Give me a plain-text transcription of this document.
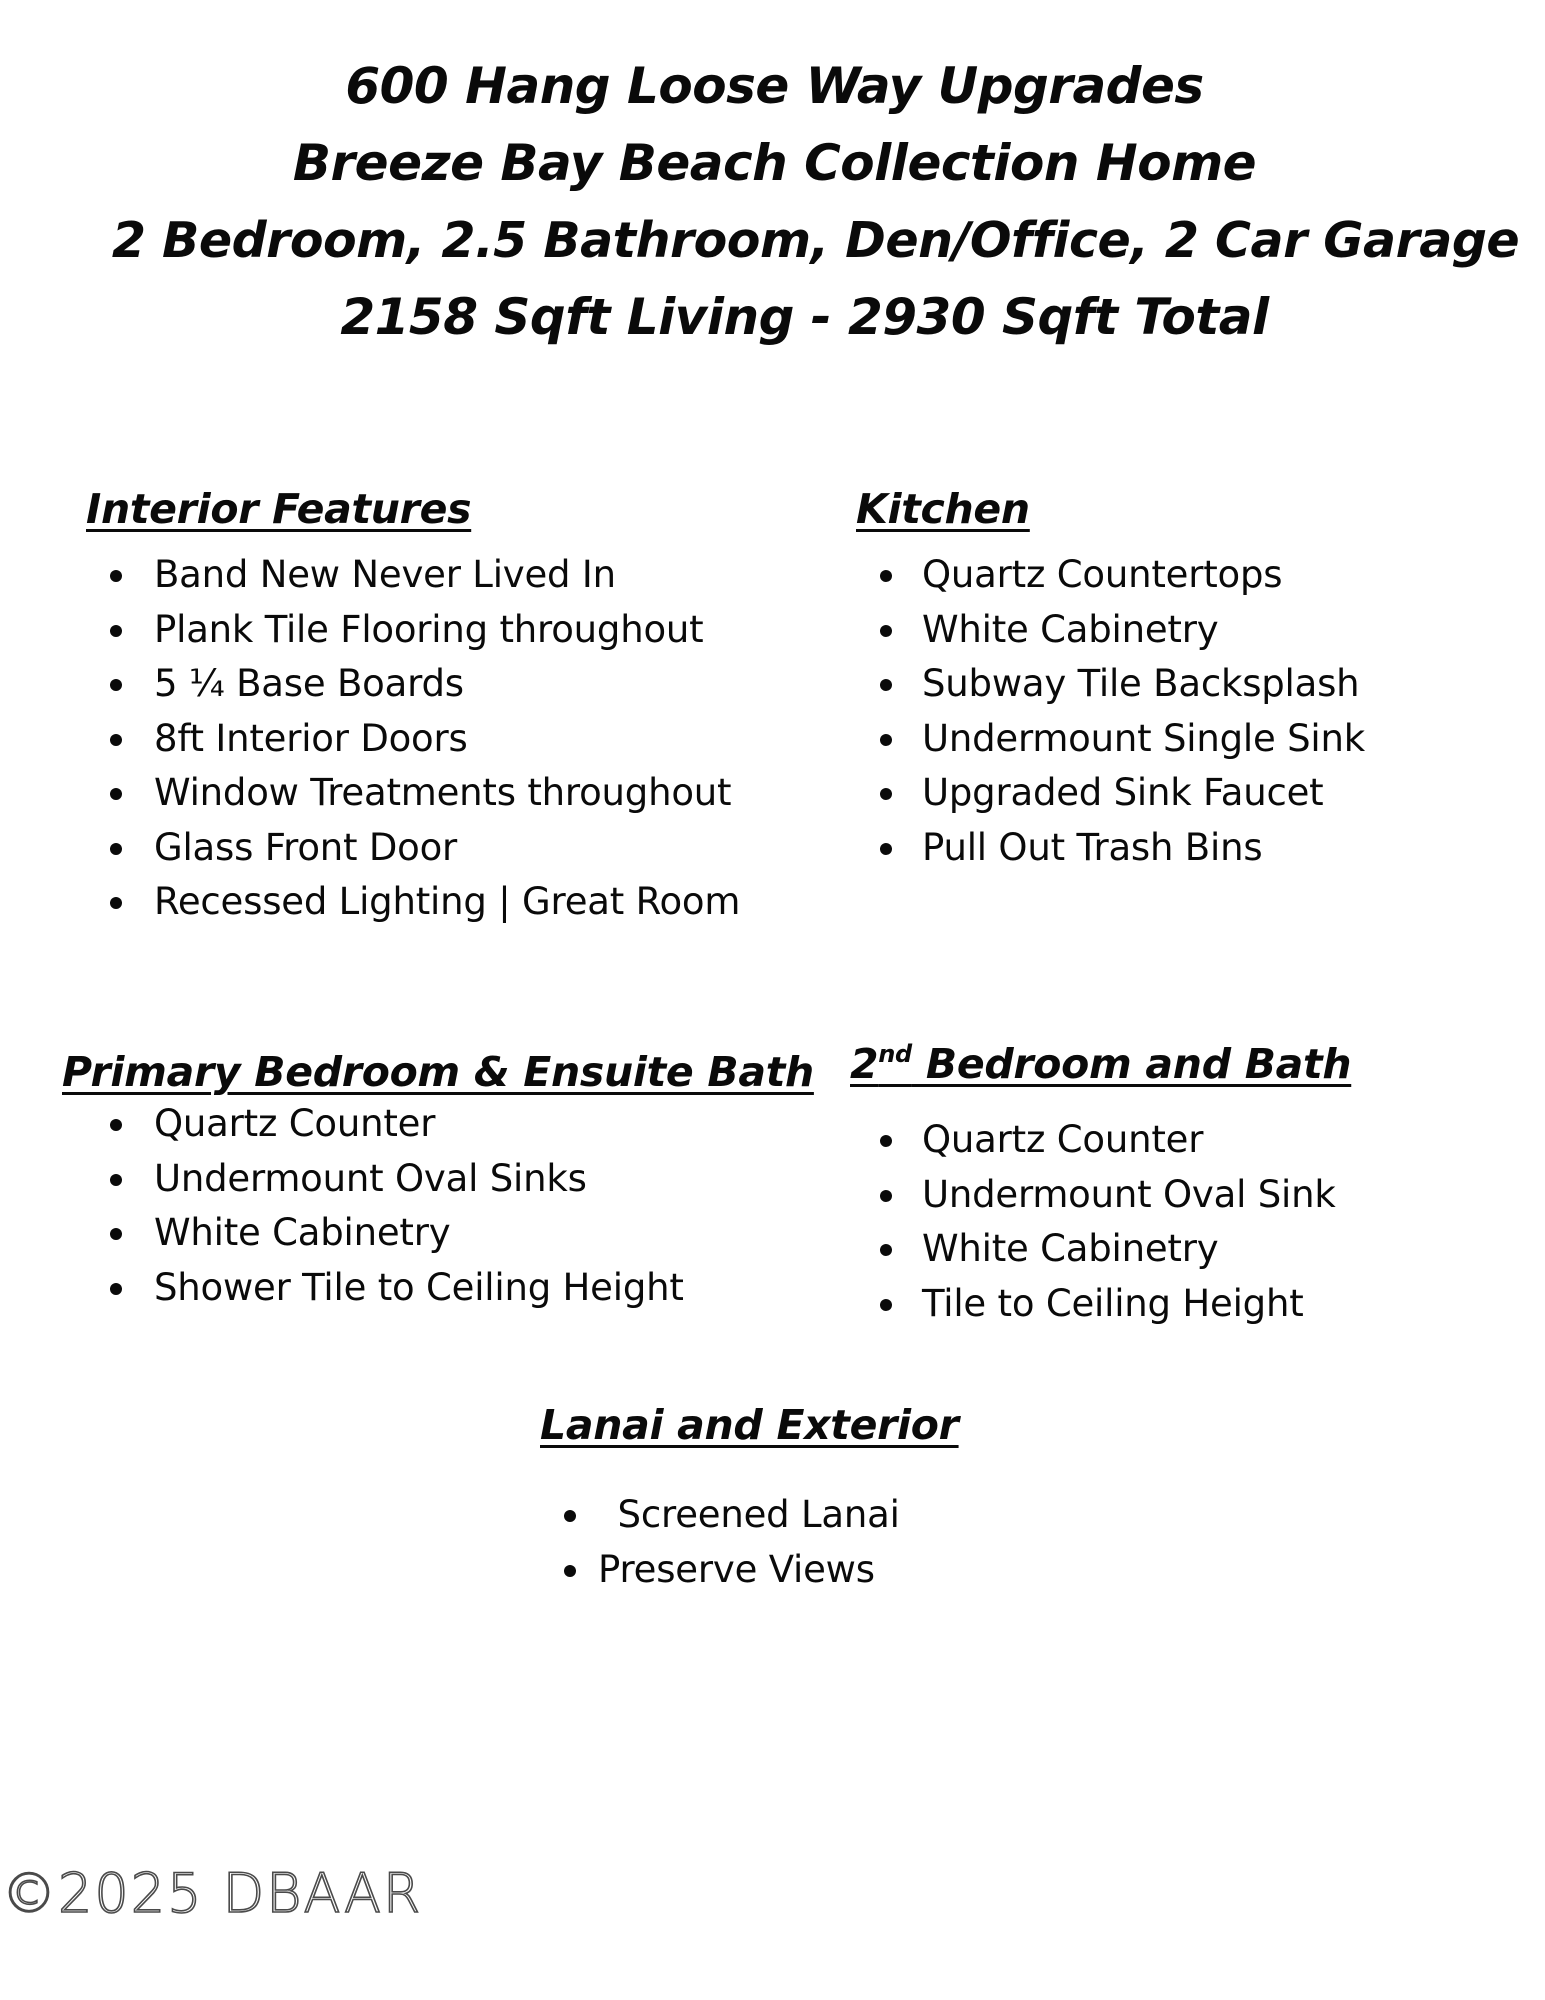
600 Hang Loose Way Upgrades
Breeze Bay Beach Collection Home
2 Bedroom, 2.5 Bathroom, Den/Office, 2 Car Garage
2158 Sqft Living - 2930 Sqft Total
Interior Features
Band New Never Lived In
Plank Tile Flooring throughout
5 ¼ Base Boards
8ft Interior Doors
Window Treatments throughout
Glass Front Door
Recessed Lighting | Great Room
Kitchen
Quartz Countertops
White Cabinetry
Subway Tile Backsplash
Undermount Single Sink
Upgraded Sink Faucet
Pull Out Trash Bins
Primary Bedroom & Ensuite Bath
Quartz Counter
Undermount Oval Sinks
White Cabinetry
Shower Tile to Ceiling Height
2nd Bedroom and Bath
Quartz Counter
Undermount Oval Sink
White Cabinetry
Tile to Ceiling Height
Lanai and Exterior
Screened Lanai
Preserve Views
©2025 DBAAR
